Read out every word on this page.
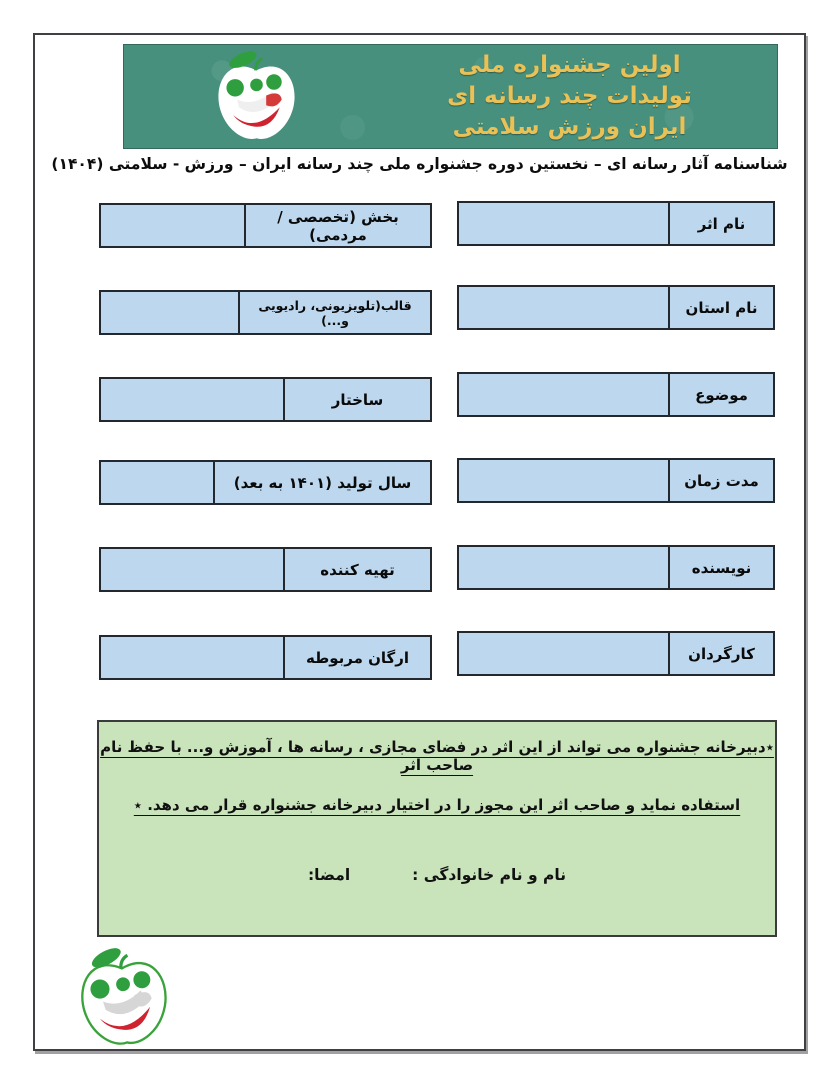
اولین جشنواره ملی
تولیدات چند رسانه ای
ایران ورزش سلامتی
شناسنامه آثار رسانه ای – نخستین دوره جشنواره ملی چند رسانه ایران – ورزش - سلامتی (۱۴۰۴)
نام اثر
نام استان
موضوع
مدت زمان
نویسنده
کارگردان
بخش (تخصصی /مردمی)
قالب(تلویزیونی، رادیویی و...)
ساختار
سال تولید (۱۴۰۱ به بعد)
تهیه کننده
ارگان مربوطه
٭دبیرخانه جشنواره می تواند از این اثر در فضای مجازی ، رسانه ها ، آموزش و... با حفظ نام صاحب اثر
استفاده نماید و صاحب اثر این مجوز را در اختیار دبیرخانه جشنواره قرار می دهد. ٭
نام و نام خانوادگی :
امضا:
